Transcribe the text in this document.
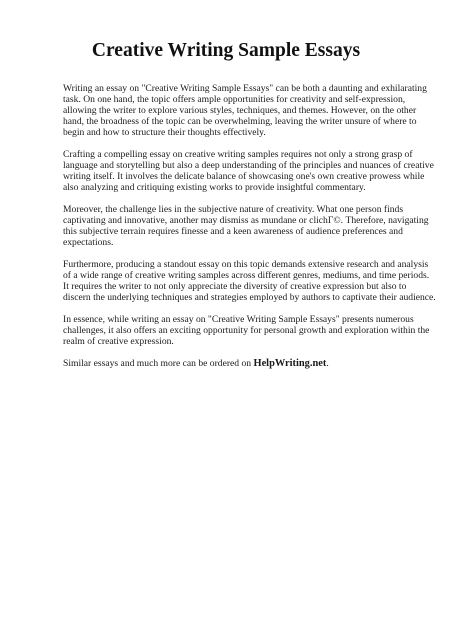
Creative Writing Sample Essays

Writing an essay on "Creative Writing Sample Essays" can be both a daunting and exhilarating
task. On one hand, the topic offers ample opportunities for creativity and self-expression,
allowing the writer to explore various styles, techniques, and themes. However, on the other
hand, the broadness of the topic can be overwhelming, leaving the writer unsure of where to
begin and how to structure their thoughts effectively.

Crafting a compelling essay on creative writing samples requires not only a strong grasp of
language and storytelling but also a deep understanding of the principles and nuances of creative
writing itself. It involves the delicate balance of showcasing one's own creative prowess while
also analyzing and critiquing existing works to provide insightful commentary.

Moreover, the challenge lies in the subjective nature of creativity. What one person finds
captivating and innovative, another may dismiss as mundane or clichГ©. Therefore, navigating
this subjective terrain requires finesse and a keen awareness of audience preferences and
expectations.

Furthermore, producing a standout essay on this topic demands extensive research and analysis
of a wide range of creative writing samples across different genres, mediums, and time periods.
It requires the writer to not only appreciate the diversity of creative expression but also to
discern the underlying techniques and strategies employed by authors to captivate their audience.

In essence, while writing an essay on "Creative Writing Sample Essays" presents numerous
challenges, it also offers an exciting opportunity for personal growth and exploration within the
realm of creative expression.

Similar essays and much more can be ordered on HelpWriting.net.
